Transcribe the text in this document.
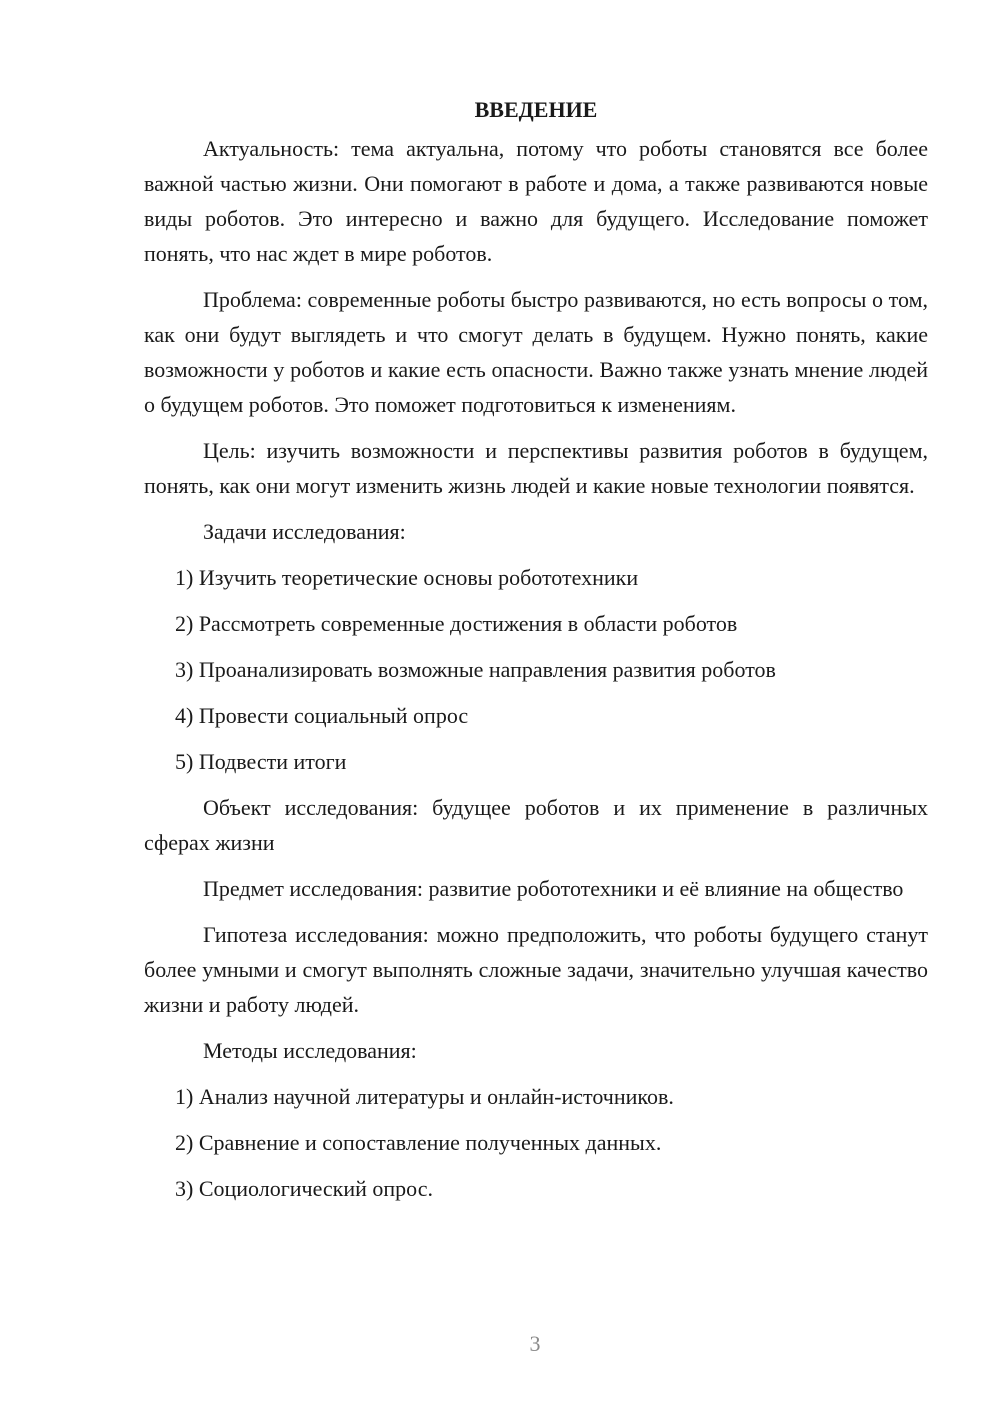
ВВЕДЕНИЕ

Актуальность: тема актуальна, потому что роботы становятся все более важной частью жизни. Они помогают в работе и дома, а также развиваются новые виды роботов. Это интересно и важно для будущего. Исследование поможет понять, что нас ждет в мире роботов.

Проблема: современные роботы быстро развиваются, но есть вопросы о том, как они будут выглядеть и что смогут делать в будущем. Нужно понять, какие возможности у роботов и какие есть опасности. Важно также узнать мнение людей о будущем роботов. Это поможет подготовиться к изменениям.

Цель: изучить возможности и перспективы развития роботов в будущем, понять, как они могут изменить жизнь людей и какие новые технологии появятся.

Задачи исследования:

1) Изучить теоретические основы робототехники

2) Рассмотреть современные достижения в области роботов

3) Проанализировать возможные направления развития роботов

4) Провести социальный опрос

5) Подвести итоги

Объект исследования: будущее роботов и их применение в различных сферах жизни

Предмет исследования: развитие робототехники и её влияние на общество

Гипотеза исследования: можно предположить, что роботы будущего станут более умными и смогут выполнять сложные задачи, значительно улучшая качество жизни и работу людей.

Методы исследования:

1) Анализ научной литературы и онлайн-источников.

2) Сравнение и сопоставление полученных данных.

3) Социологический опрос.

3
